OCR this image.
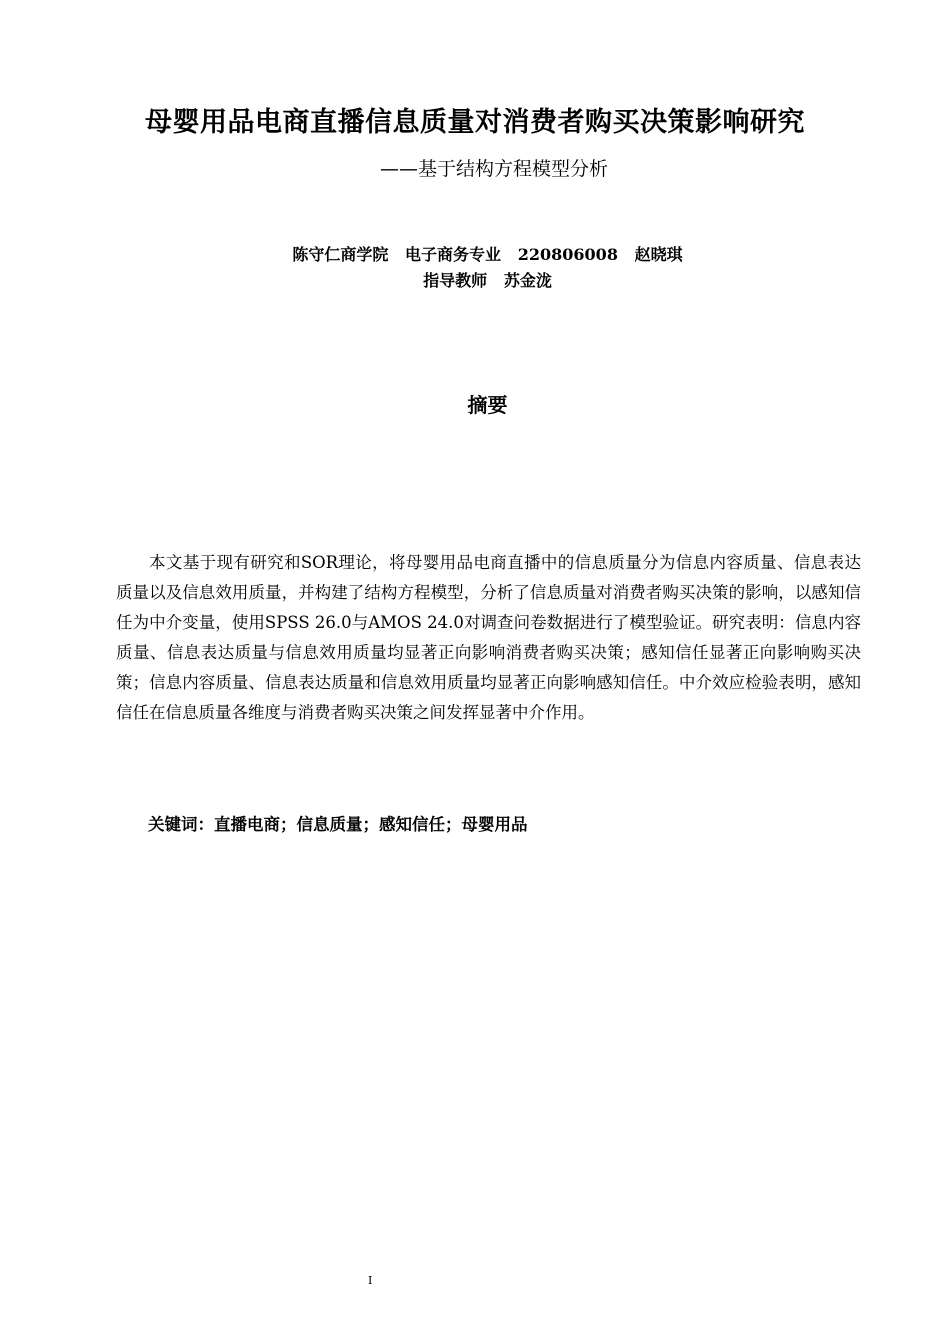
母婴用品电商直播信息质量对消费者购买决策影响研究
——基于结构方程模型分析
陈守仁商学院   电子商务专业   220806008   赵晓琪
指导教师   苏金泷
摘要

本文基于现有研究和SOR理论，将母婴用品电商直播中的信息质量分为信息内容质量、信息表达质量以及信息效用质量，并构建了结构方程模型，分析了信息质量对消费者购买决策的影响，以感知信任为中介变量，使用SPSS 26.0与AMOS 24.0对调查问卷数据进行了模型验证。研究表明：信息内容质量、信息表达质量与信息效用质量均显著正向影响消费者购买决策；感知信任显著正向影响购买决策；信息内容质量、信息表达质量和信息效用质量均显著正向影响感知信任。中介效应检验表明，感知信任在信息质量各维度与消费者购买决策之间发挥显著中介作用。

关键词：直播电商；信息质量；感知信任；母婴用品
I
